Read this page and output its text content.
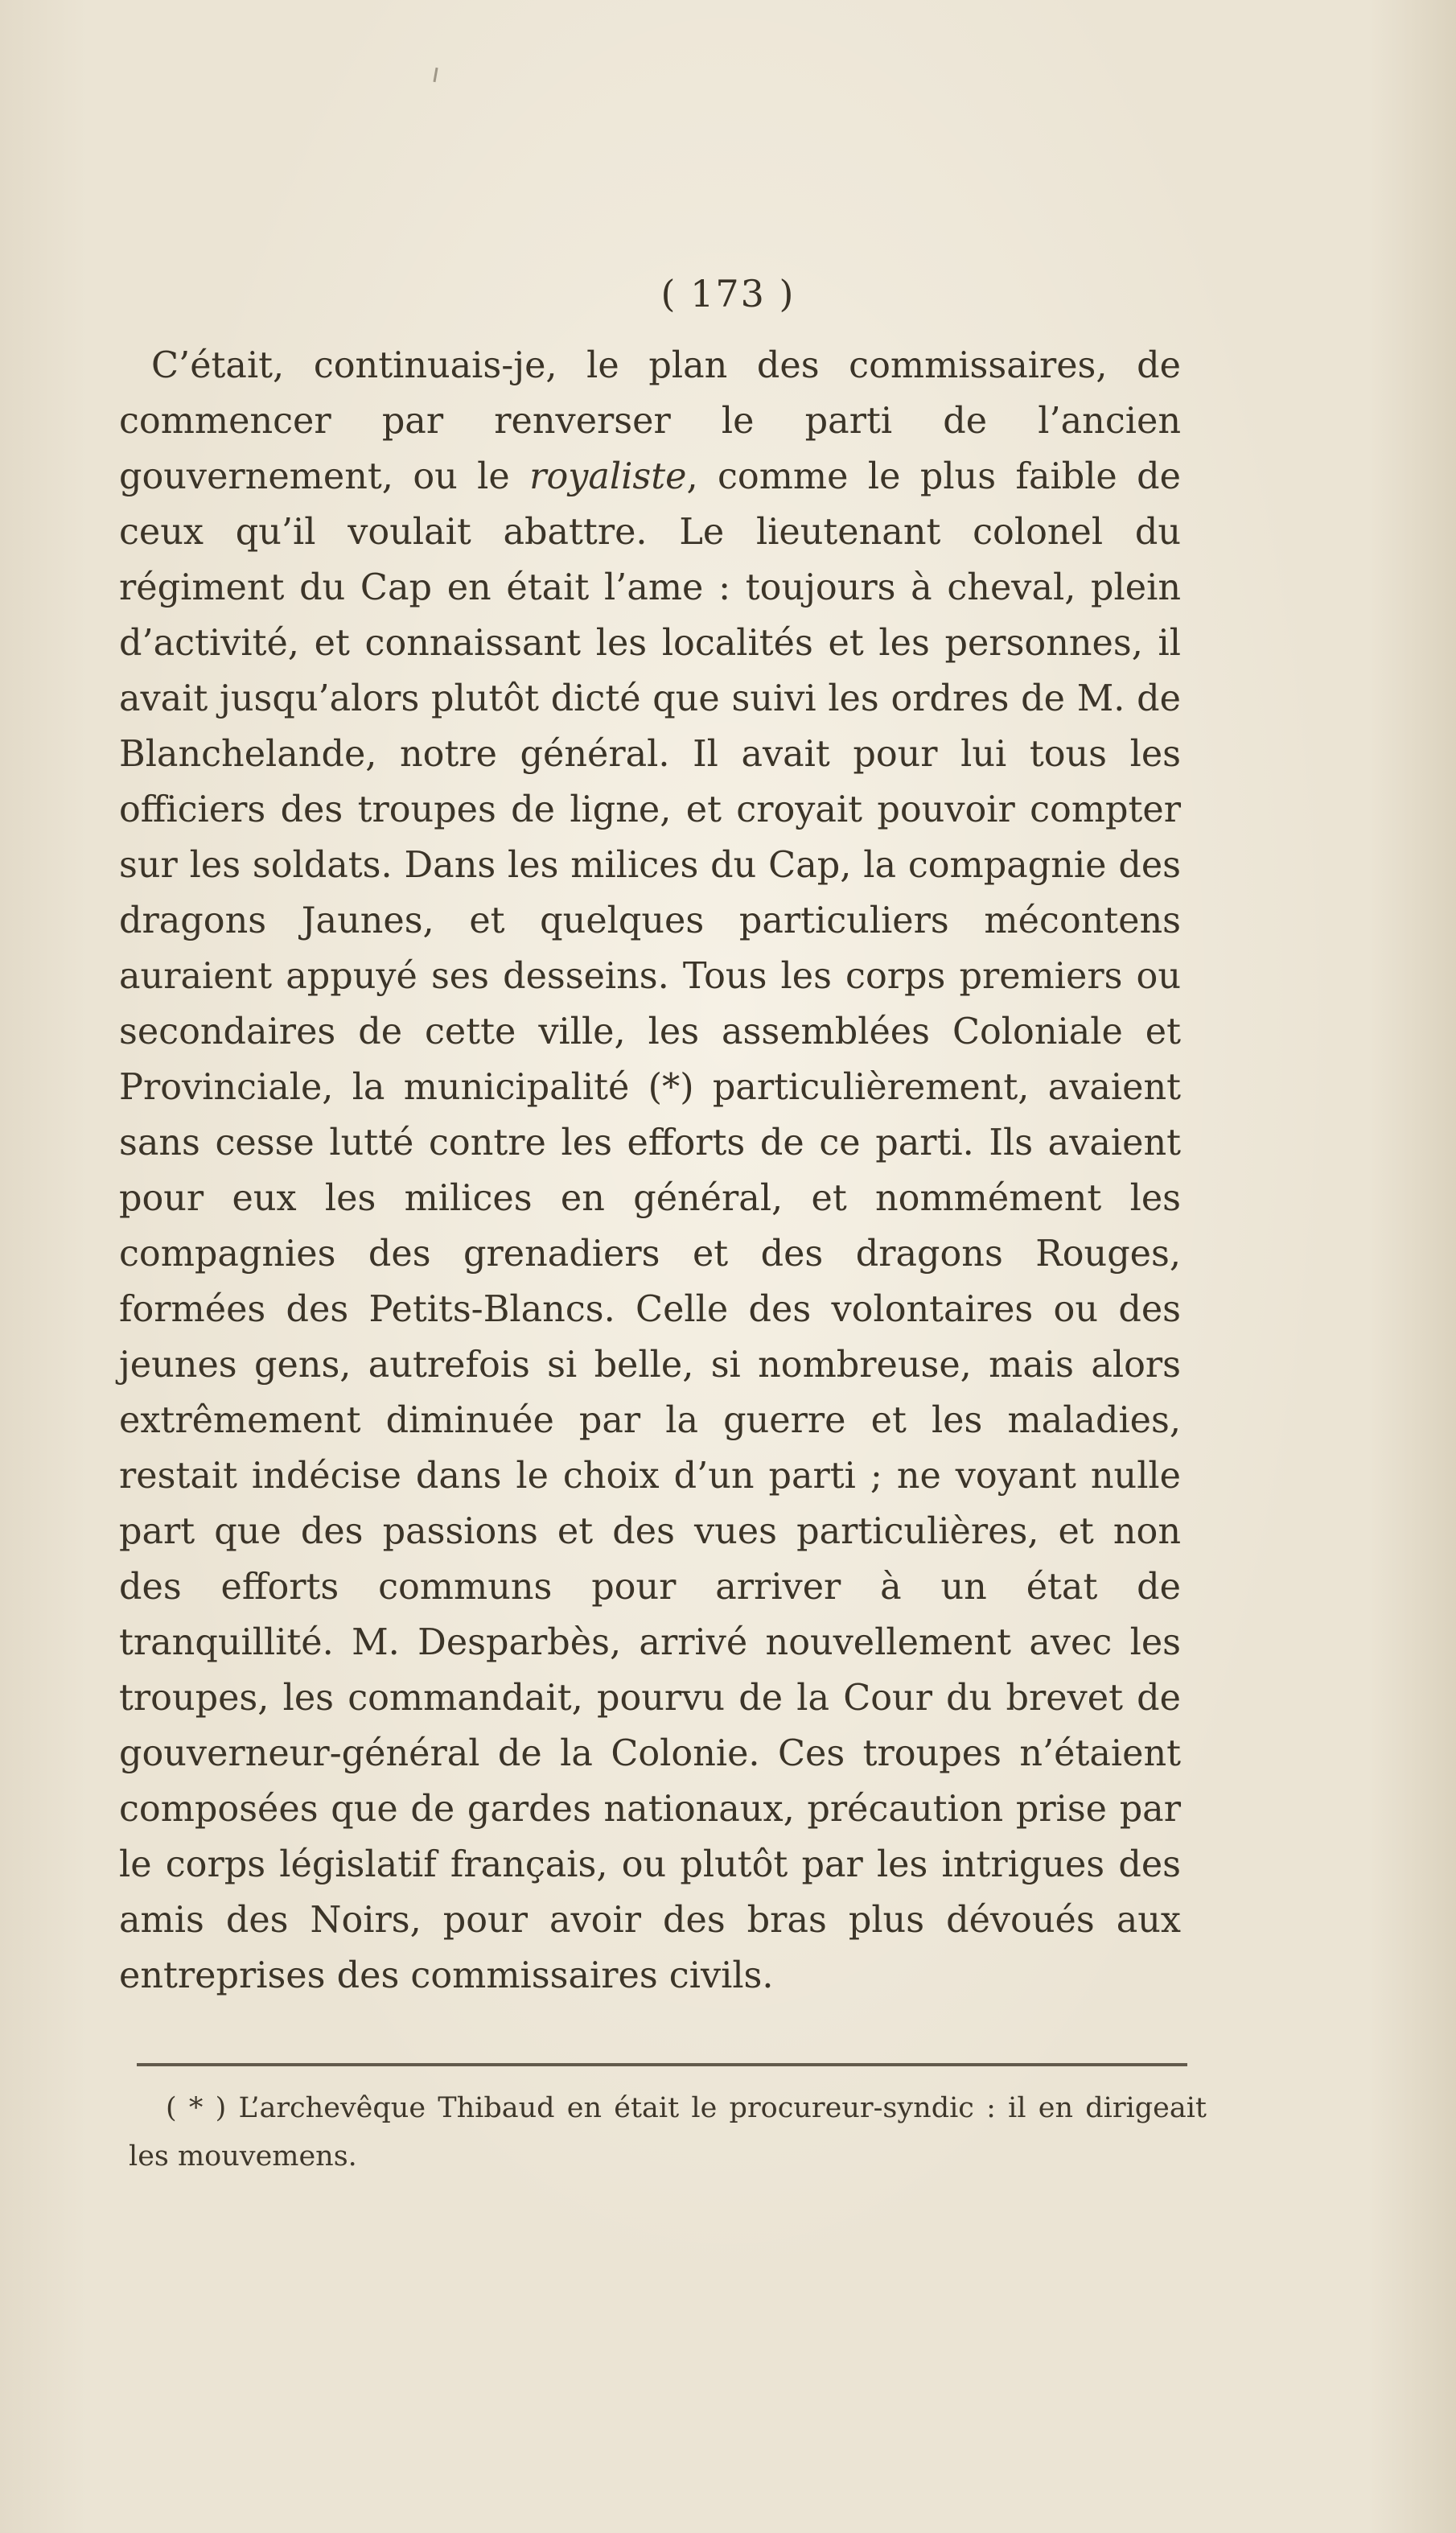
( 173 )

C’était, continuais-je, le plan des commissaires, de commencer par renverser le parti de l’ancien gouvernement, ou le royaliste, comme le plus faible de ceux qu’il voulait abattre. Le lieutenant colonel du régiment du Cap en était l’ame : toujours à cheval, plein d’activité, et connaissant les localités et les personnes, il avait jusqu’alors plutôt dicté que suivi les ordres de M. de Blanchelande, notre général. Il avait pour lui tous les officiers des troupes de ligne, et croyait pouvoir compter sur les soldats. Dans les milices du Cap, la compagnie des dragons Jaunes, et quelques particuliers mécontens auraient appuyé ses desseins. Tous les corps premiers ou secondaires de cette ville, les assemblées Coloniale et Provinciale, la municipalité (*) particulièrement, avaient sans cesse lutté contre les efforts de ce parti. Ils avaient pour eux les milices en général, et nommément les compagnies des grenadiers et des dragons Rouges, formées des Petits-Blancs. Celle des volontaires ou des jeunes gens, autrefois si belle, si nombreuse, mais alors extrêmement diminuée par la guerre et les maladies, restait indécise dans le choix d’un parti ; ne voyant nulle part que des passions et des vues particulières, et non des efforts communs pour arriver à un état de tranquillité. M. Desparbès, arrivé nouvellement avec les troupes, les commandait, pourvu de la Cour du brevet de gouverneur-général de la Colonie. Ces troupes n’étaient composées que de gardes nationaux, précaution prise par le corps législatif français, ou plutôt par les intrigues des amis des Noirs, pour avoir des bras plus dévoués aux entreprises des commissaires civils.

( * ) L’archevêque Thibaud en était le procureur-syndic : il en dirigeait les mouvemens.
